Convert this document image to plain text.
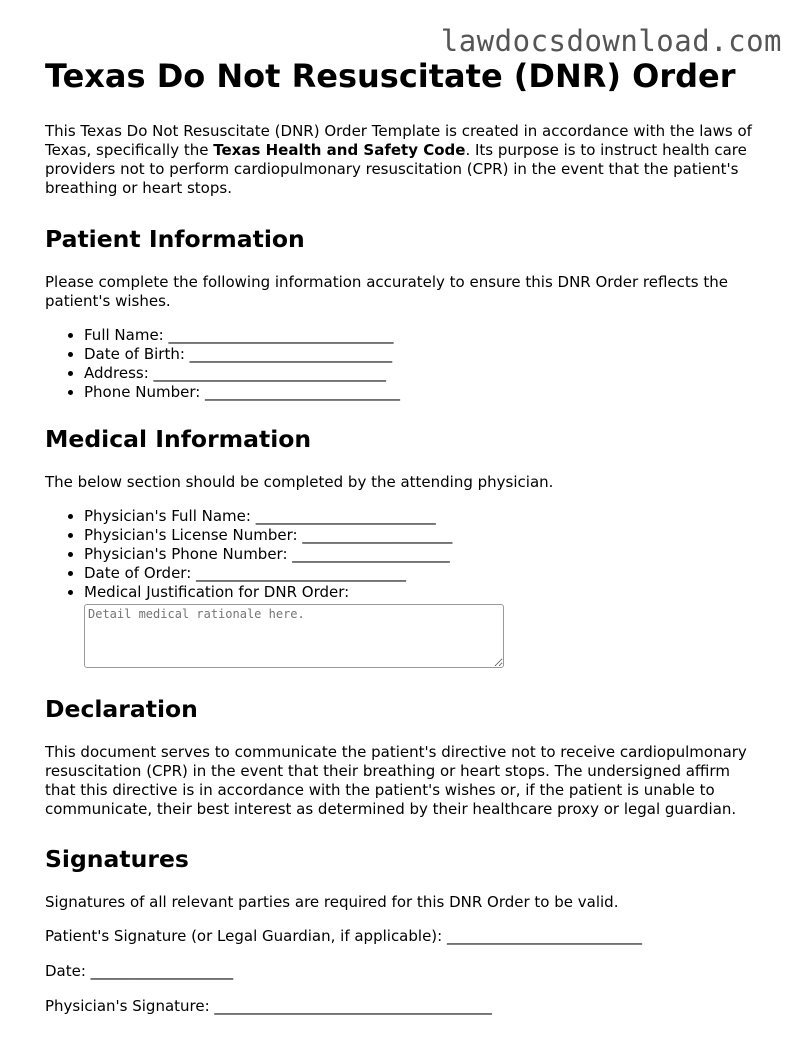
lawdocsdownload.com
Texas Do Not Resuscitate (DNR) Order

This Texas Do Not Resuscitate (DNR) Order Template is created in accordance with the laws of Texas, specifically the Texas Health and Safety Code. Its purpose is to instruct health care providers not to perform cardiopulmonary resuscitation (CPR) in the event that the patient's breathing or heart stops.

Patient Information

Please complete the following information accurately to ensure this DNR Order reflects the patient's wishes.

• Full Name: ______________________________
• Date of Birth: ___________________________
• Address: _______________________________
• Phone Number: __________________________
Medical Information

The below section should be completed by the attending physician.

• Physician's Full Name: ________________________
• Physician's License Number: ____________________
• Physician's Phone Number: _____________________
• Date of Order: ____________________________
• Medical Justification for DNR Order:
Detail medical rationale here.
Declaration

This document serves to communicate the patient's directive not to receive cardiopulmonary resuscitation (CPR) in the event that their breathing or heart stops. The undersigned affirm that this directive is in accordance with the patient's wishes or, if the patient is unable to communicate, their best interest as determined by their healthcare proxy or legal guardian.

Signatures

Signatures of all relevant parties are required for this DNR Order to be valid.

Patient's Signature (or Legal Guardian, if applicable): __________________________

Date: ___________________

Physician's Signature: _____________________________________
